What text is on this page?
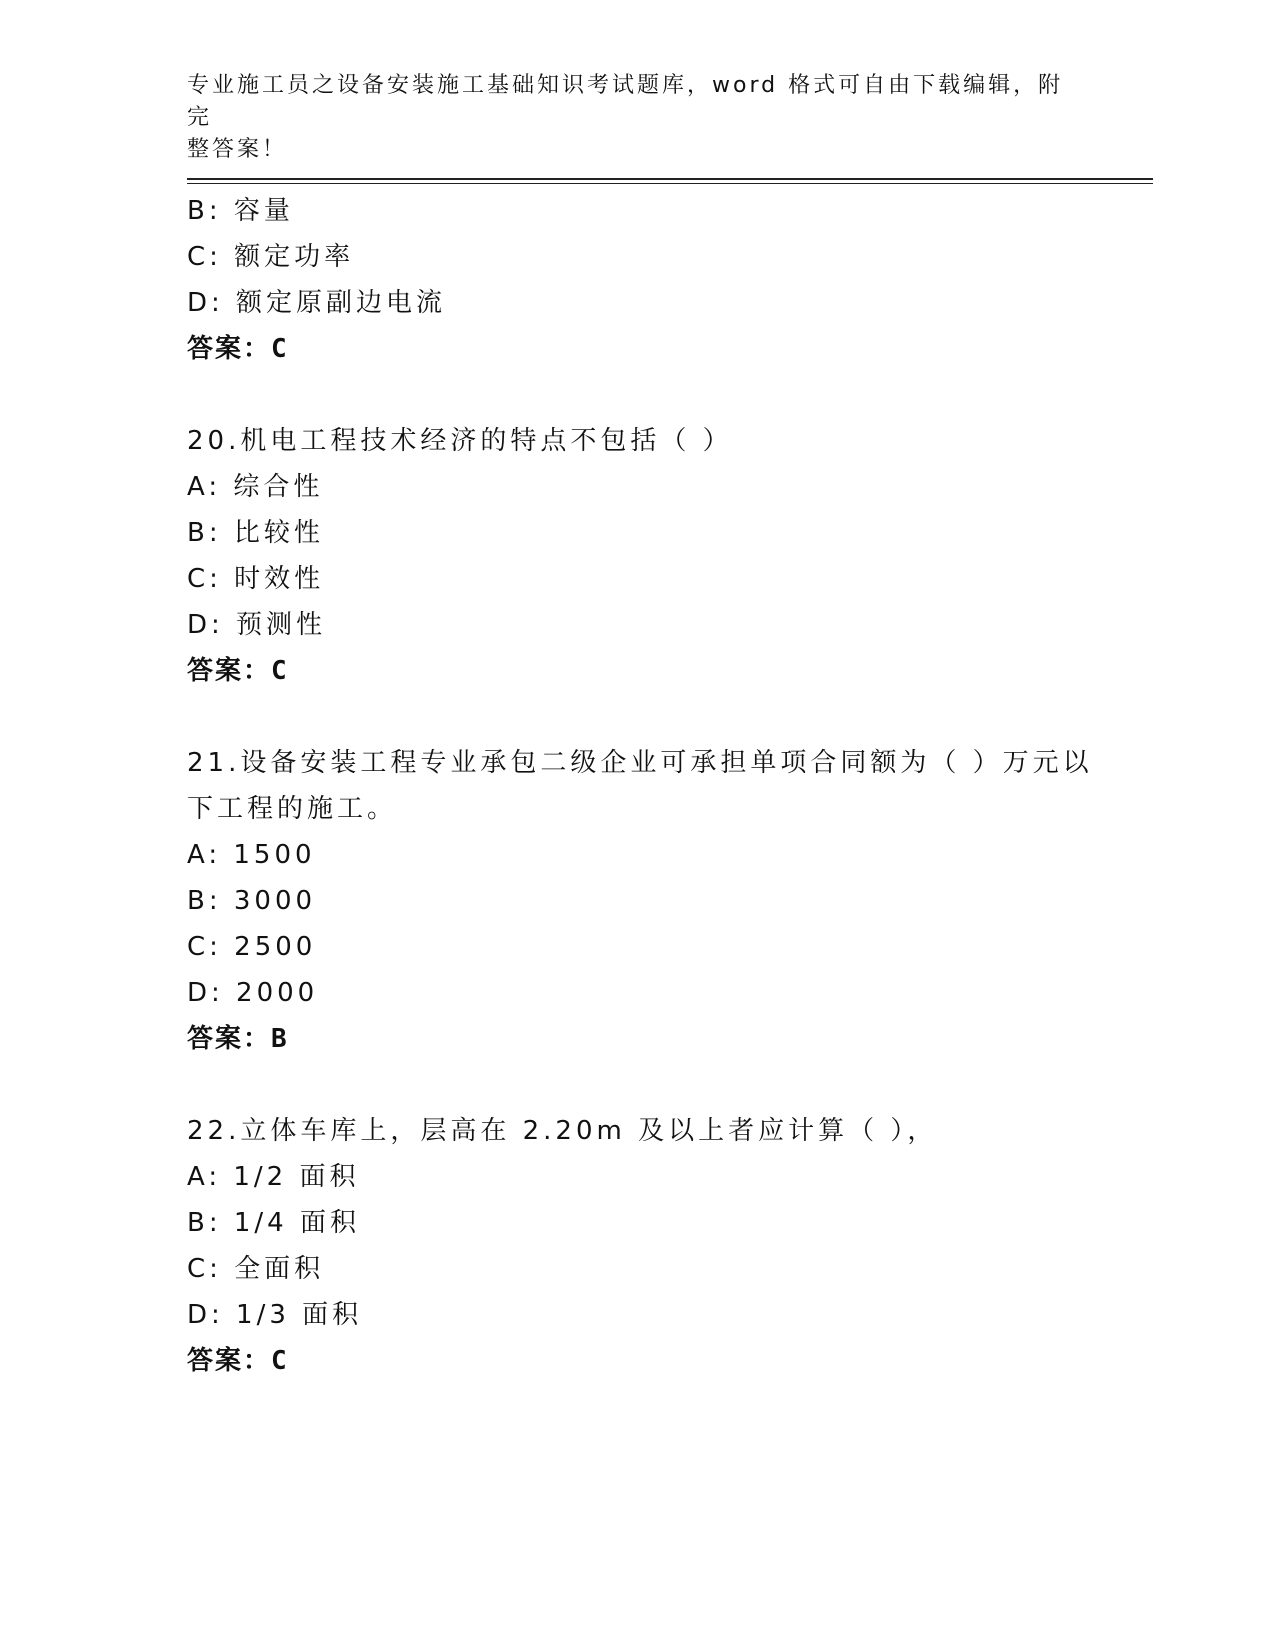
专业施工员之设备安装施工基础知识考试题库，word 格式可自由下载编辑，附完
整答案！
B: 容量
C: 额定功率
D: 额定原副边电流
答案：C
20.机电工程技术经济的特点不包括（ ）
A: 综合性
B: 比较性
C: 时效性
D: 预测性
答案：C
21.设备安装工程专业承包二级企业可承担单项合同额为（ ）万元以
下工程的施工。
A: 1500
B: 3000
C: 2500
D: 2000
答案：B
22.立体车库上，层高在 2.20m 及以上者应计算（ ），
A: 1/2 面积
B: 1/4 面积
C: 全面积
D: 1/3 面积
答案：C
